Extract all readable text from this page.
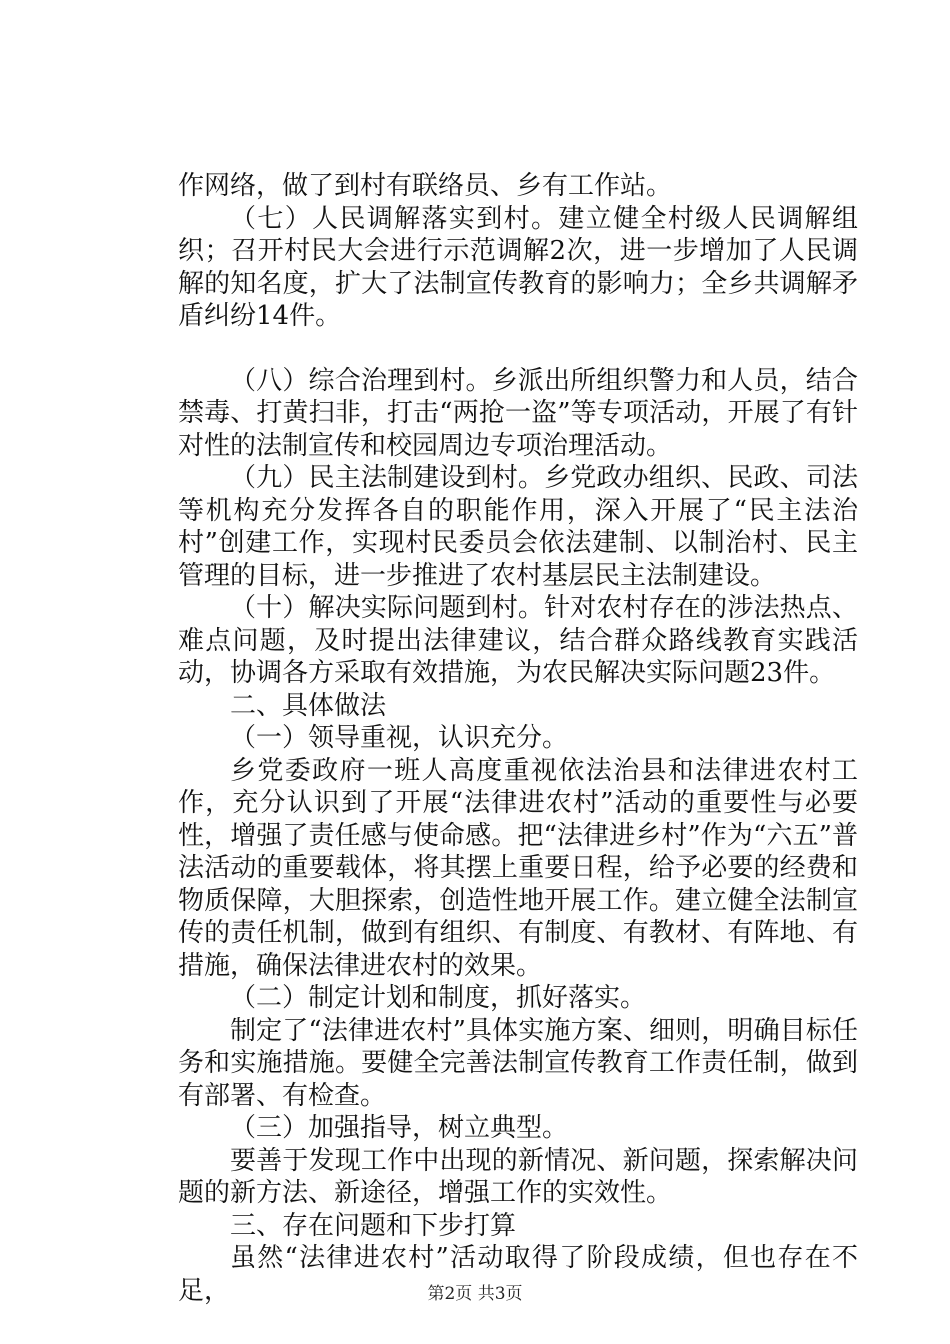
作网络，做了到村有联络员、乡有工作站。

（七）人民调解落实到村。建立健全村级人民调解组织；召开村民大会进行示范调解2次，进一步增加了人民调解的知名度，扩大了法制宣传教育的影响力；全乡共调解矛盾纠纷14件。

（八）综合治理到村。乡派出所组织警力和人员，结合禁毒、打黄扫非，打击“两抢一盗”等专项活动，开展了有针对性的法制宣传和校园周边专项治理活动。

（九）民主法制建设到村。乡党政办组织、民政、司法等机构充分发挥各自的职能作用，深入开展了“民主法治村”创建工作，实现村民委员会依法建制、以制治村、民主管理的目标，进一步推进了农村基层民主法制建设。

（十）解决实际问题到村。针对农村存在的涉法热点、难点问题，及时提出法律建议，结合群众路线教育实践活动，协调各方采取有效措施，为农民解决实际问题23件。

二、具体做法

（一）领导重视，认识充分。

乡党委政府一班人高度重视依法治县和法律进农村工作，充分认识到了开展“法律进农村”活动的重要性与必要性，增强了责任感与使命感。把“法律进乡村”作为“六五”普法活动的重要载体，将其摆上重要日程，给予必要的经费和物质保障，大胆探索，创造性地开展工作。建立健全法制宣传的责任机制，做到有组织、有制度、有教材、有阵地、有措施，确保法律进农村的效果。

（二）制定计划和制度，抓好落实。

制定了“法律进农村”具体实施方案、细则，明确目标任务和实施措施。要健全完善法制宣传教育工作责任制，做到有部署、有检查。

（三）加强指导，树立典型。

要善于发现工作中出现的新情况、新问题，探索解决问题的新方法、新途径，增强工作的实效性。

三、存在问题和下步打算

虽然“法律进农村”活动取得了阶段成绩，但也存在不足，	第2页 共3页
